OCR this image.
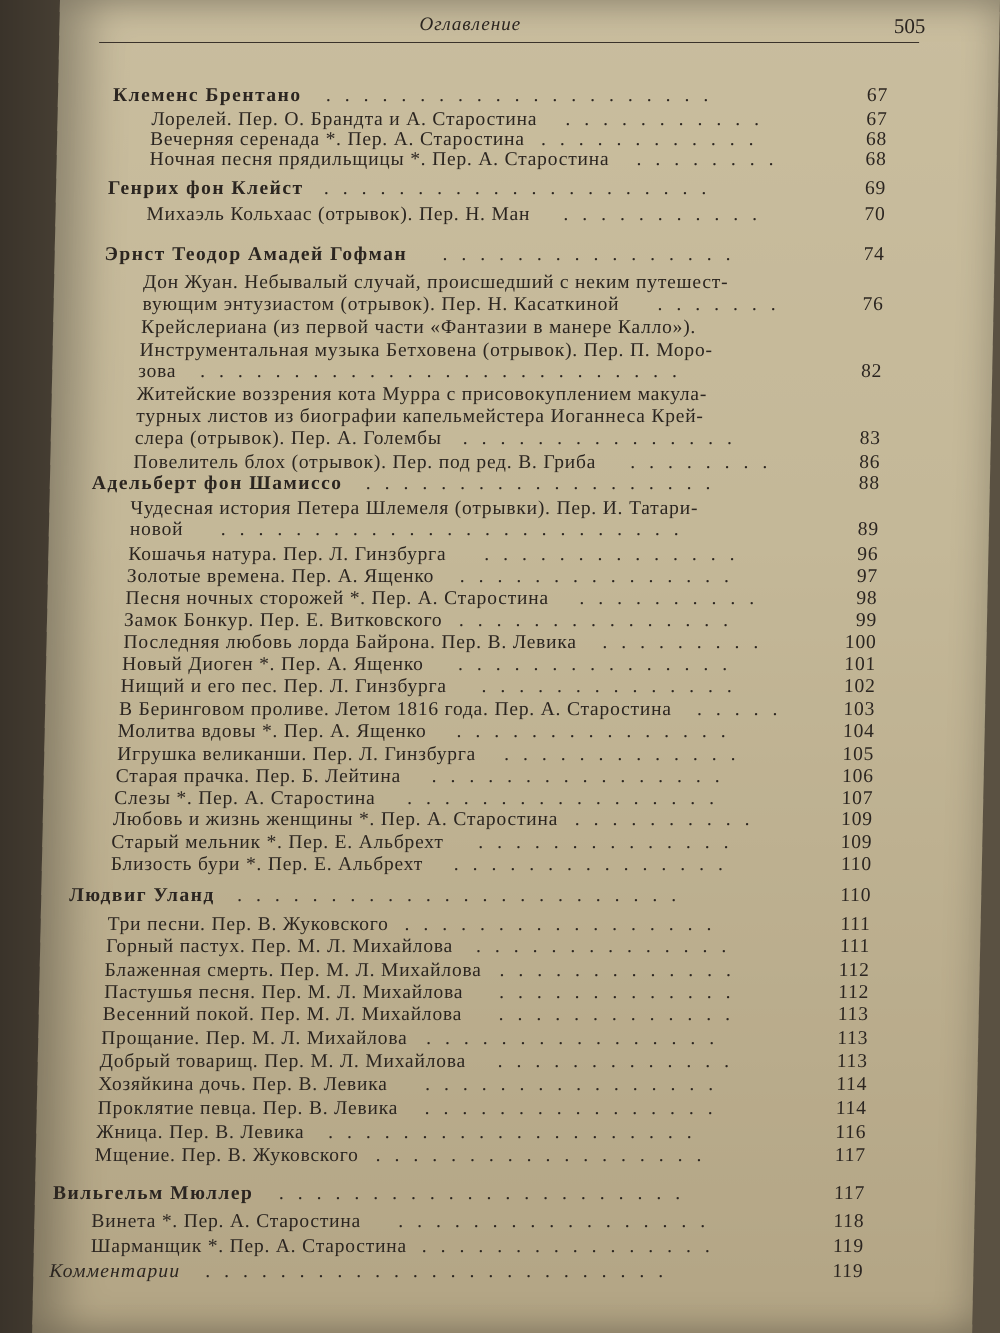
Оглавление	505
Клеменс Брентано	67
.....................
Лорелей. Пер. О. Брандта и А. Старостина	67
...........
Вечерняя серенада *. Пер. А. Старостина	68
............
Ночная песня прядильщицы *. Пер. А. Старостина	68
........
Генрих фон Клейст	69
.....................
Михаэль Кольхаас (отрывок). Пер. Н. Ман	70
...........
Эрнст Теодор Амадей Гофман	74
................
Дон Жуан. Небывалый случай, происшедший с неким путешест-
вующим энтузиастом (отрывок). Пер. Н. Касаткиной	76
.......
Крейслериана (из первой части «Фантазии в манере Калло»).
Инструментальная музыка Бетховена (отрывок). Пер. П. Моро-
зова	82
..........................
Житейские воззрения кота Мурра с присовокуплением макула-
турных листов из биографии капельмейстера Иоганнеса Крей-
слера (отрывок). Пер. А. Голембы	83
...............
Повелитель блох (отрывок). Пер. под ред. В. Гриба	86
........
Адельберт фон Шамиссо	88
...................
Чудесная история Петера Шлемеля (отрывки). Пер. И. Татари-
новой	89
.........................
Кошачья натура. Пер. Л. Гинзбурга	96
..............
Золотые времена. Пер. А. Ященко	97
...............
Песня ночных сторожей *. Пер. А. Старостина	98
..........
Замок Бонкур. Пер. Е. Витковского	99
...............
Последняя любовь лорда Байрона. Пер. В. Левика	100
.........
Новый Диоген *. Пер. А. Ященко	101
...............
Нищий и его пес. Пер. Л. Гинзбурга	102
..............
В Беринговом проливе. Летом 1816 года. Пер. А. Старостина	103
.....
Молитва вдовы *. Пер. А. Ященко	104
...............
Игрушка великанши. Пер. Л. Гинзбурга	105
.............
Старая прачка. Пер. Б. Лейтина	106
................
Слезы *. Пер. А. Старостина	107
.................
Любовь и жизнь женщины *. Пер. А. Старостина	109
..........
Старый мельник *. Пер. Е. Альбрехт	109
..............
Близость бури *. Пер. Е. Альбрехт	110
...............
Людвиг Уланд	110
........................
Три песни. Пер. В. Жуковского	111
.................
Горный пастух. Пер. М. Л. Михайлова	111
..............
Блаженная смерть. Пер. М. Л. Михайлова	112
.............
Пастушья песня. Пер. М. Л. Михайлова	112
.............
Весенний покой. Пер. М. Л. Михайлова	113
.............
Прощание. Пер. М. Л. Михайлова	113
................
Добрый товарищ. Пер. М. Л. Михайлова	113
.............
Хозяйкина дочь. Пер. В. Левика	114
................
Проклятие певца. Пер. В. Левика	114
................
Жница. Пер. В. Левика	116
....................
Мщение. Пер. В. Жуковского	117
..................
Вильгельм Мюллер	117
......................
Винета *. Пер. А. Старостина	118
.................
Шарманщик *. Пер. А. Старостина	119
................
Комментарии	119
.........................
